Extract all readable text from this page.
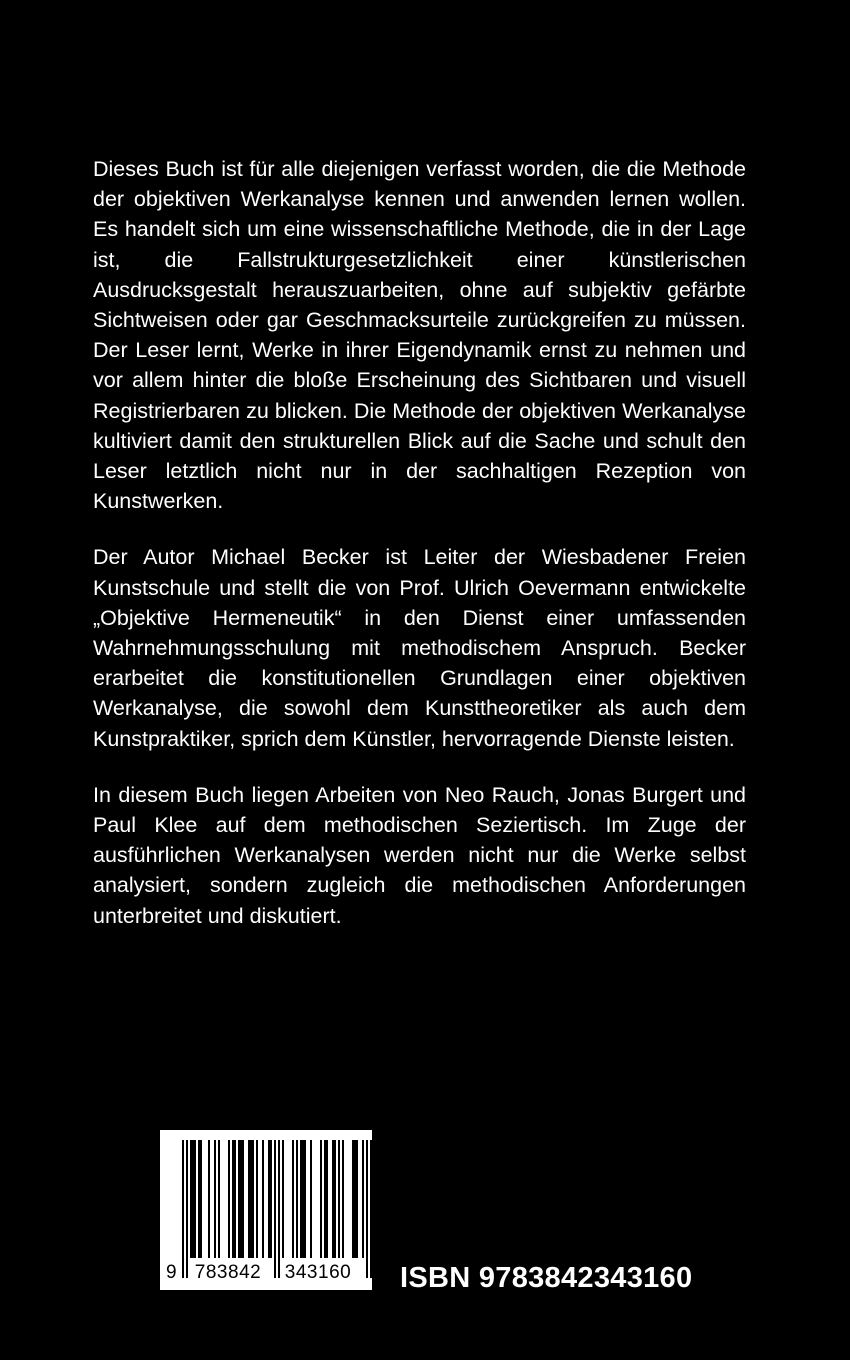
Dieses Buch ist für alle diejenigen verfasst worden, die die Methode der objektiven Werkanalyse kennen und anwenden lernen wollen. Es handelt sich um eine wissenschaftliche Methode, die in der Lage ist, die Fallstrukturgesetzlichkeit einer künstlerischen Ausdrucksgestalt herauszuarbeiten, ohne auf subjektiv gefärbte Sichtweisen oder gar Geschmacksurteile zurückgreifen zu müssen. Der Leser lernt, Werke in ihrer Eigendynamik ernst zu nehmen und vor allem hinter die bloße Erscheinung des Sichtbaren und visuell Registrierbaren zu blicken. Die Methode der objektiven Werkanalyse kultiviert damit den strukturellen Blick auf die Sache und schult den Leser letztlich nicht nur in der sachhaltigen Rezeption von Kunstwerken.

Der Autor Michael Becker ist Leiter der Wiesbadener Freien Kunstschule und stellt die von Prof. Ulrich Oevermann entwickelte „Objektive Hermeneutik“ in den Dienst einer umfassenden Wahrnehmungsschulung mit methodischem Anspruch. Becker erarbeitet die konstitutionellen Grundlagen einer objektiven Werkanalyse, die sowohl dem Kunsttheoretiker als auch dem Kunstpraktiker, sprich dem Künstler, hervorragende Dienste leisten.

In diesem Buch liegen Arbeiten von Neo Rauch, Jonas Burgert und Paul Klee auf dem methodischen Seziertisch. Im Zuge der ausführlichen Werkanalysen werden nicht nur die Werke selbst analysiert, sondern zugleich die methodischen Anforderungen unterbreitet und diskutiert.

9 783842	343160	ISBN 9783842343160
